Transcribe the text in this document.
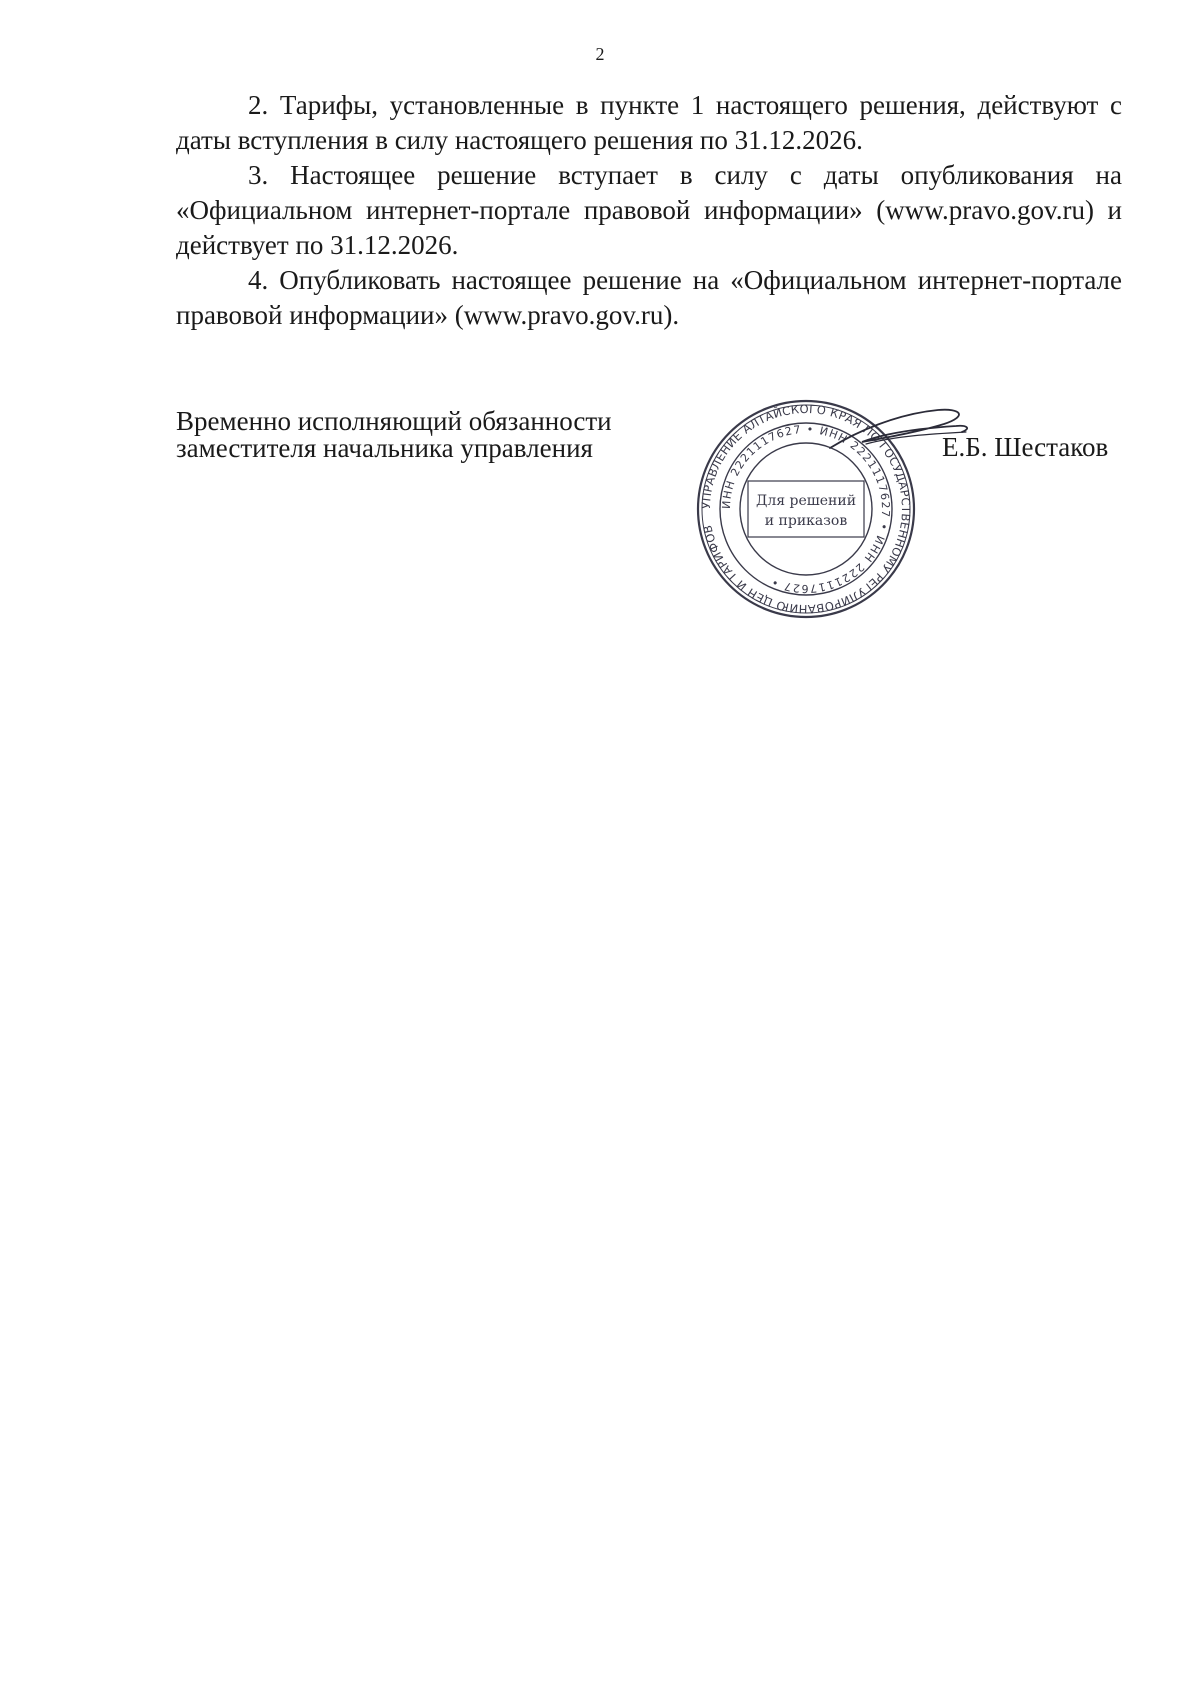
2

2. Тарифы, установленные в пункте 1 настоящего решения, действуют с даты вступления в силу настоящего решения по 31.12.2026.

3. Настоящее решение вступает в силу с даты опубликования на «Официальном интернет-портале правовой информации» (www.pravo.gov.ru) и действует по 31.12.2026.

4. Опубликовать настоящее решение на «Официальном интернет-портале правовой информации» (www.pravo.gov.ru).

Временно исполняющий обязанности
заместителя начальника управления
УПРАВЛЕНИЕ АЛТАЙСКОГО КРАЯ ПО ГОСУДАРСТВЕННОМУ РЕГУЛИРОВАНИЮ ЦЕН И ТАРИФОВ
ИНН 2221117627 • ИНН 2221117627 • ИНН 2221117627 •
Для решений
и приказов
Е.Б. Шестаков
